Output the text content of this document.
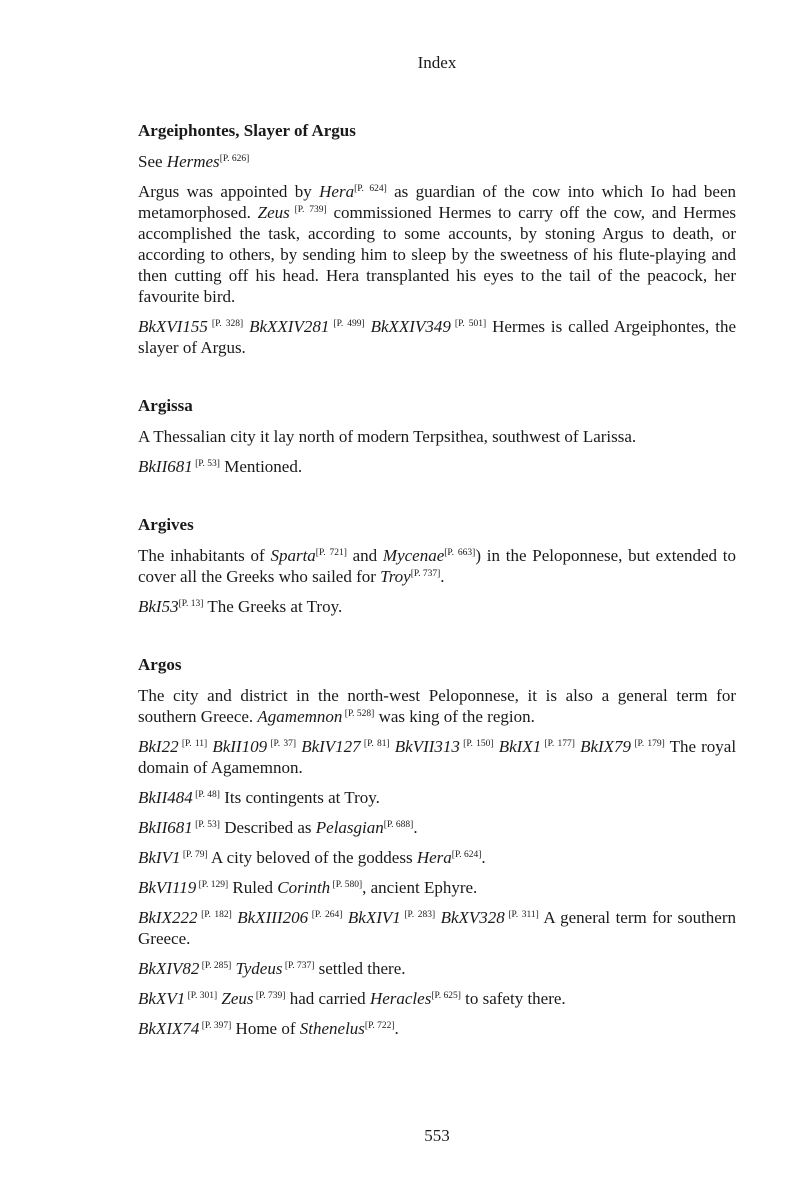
Index
Argeiphontes, Slayer of Argus

See Hermes[P. 626]

Argus was appointed by Hera[P. 624] as guardian of the cow into which Io had been metamorphosed. Zeus [P. 739] commissioned Hermes to carry off the cow, and Hermes accomplished the task, according to some accounts, by stoning Argus to death, or according to others, by sending him to sleep by the sweetness of his flute-playing and then cutting off his head. Hera transplanted his eyes to the tail of the peacock, her favourite bird.

BkXVI155 [P. 328] BkXXIV281 [P. 499] BkXXIV349 [P. 501] Hermes is called Argeiphontes, the slayer of Argus.

Argissa

A Thessalian city it lay north of modern Terpsithea, southwest of Larissa.

BkII681 [P. 53] Mentioned.

Argives

The inhabitants of Sparta[P. 721] and Mycenae[P. 663]) in the Peloponnese, but extended to cover all the Greeks who sailed for Troy[P. 737].

BkI53[P. 13] The Greeks at Troy.

Argos

The city and district in the north-west Peloponnese, it is also a general term for southern Greece. Agamemnon [P. 528] was king of the region.

BkI22 [P. 11] BkII109 [P. 37] BkIV127 [P. 81] BkVII313 [P. 150] BkIX1 [P. 177] BkIX79 [P. 179] The royal domain of Agamemnon.

BkII484 [P. 48] Its contingents at Troy.

BkII681 [P. 53] Described as Pelasgian[P. 688].

BkIV1 [P. 79] A city beloved of the goddess Hera[P. 624].

BkVI119 [P. 129] Ruled Corinth [P. 580], ancient Ephyre.

BkIX222 [P. 182] BkXIII206 [P. 264] BkXIV1 [P. 283] BkXV328 [P. 311] A general term for southern Greece.

BkXIV82 [P. 285] Tydeus [P. 737] settled there.

BkXV1 [P. 301] Zeus [P. 739] had carried Heracles[P. 625] to safety there.

BkXIX74 [P. 397] Home of Sthenelus[P. 722].

553
